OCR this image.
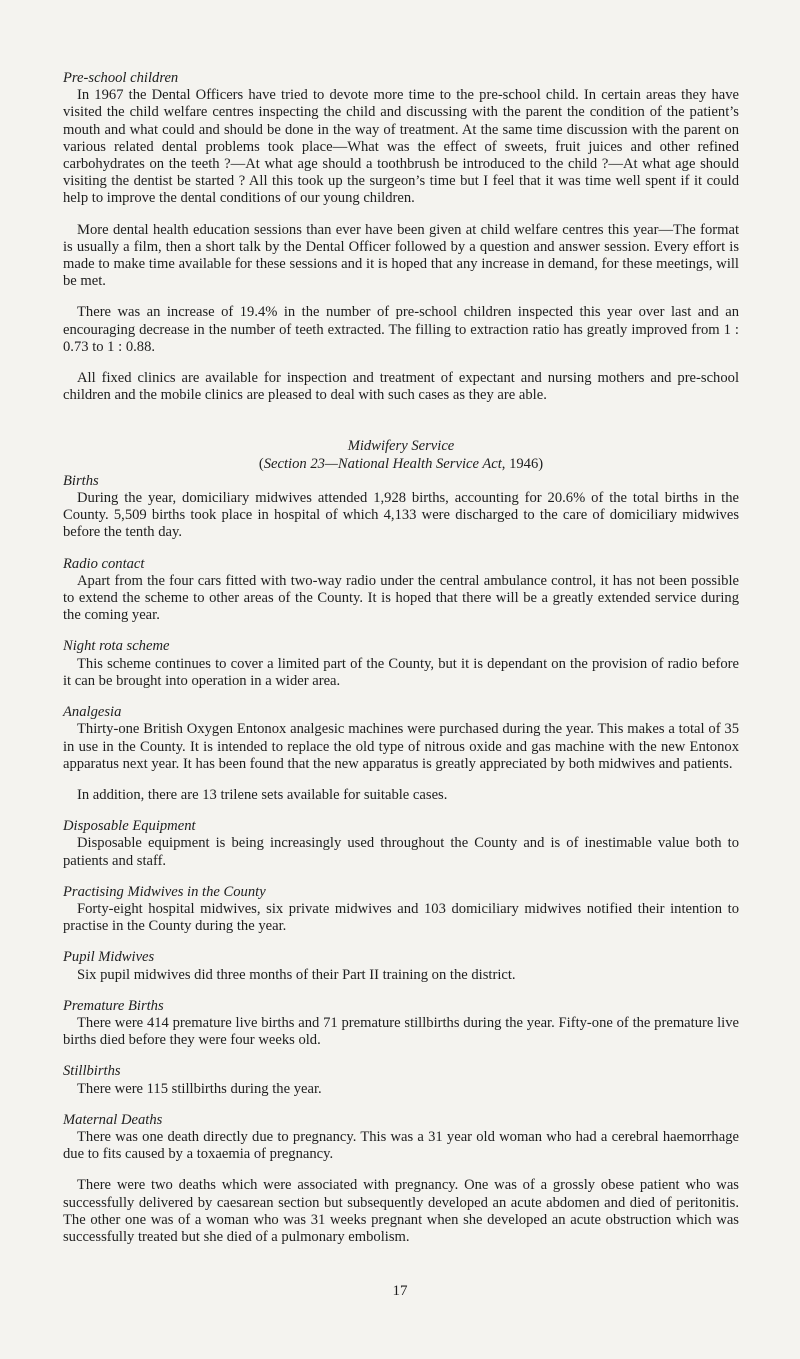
Pre-school children

In 1967 the Dental Officers have tried to devote more time to the pre-school child. In certain areas they have visited the child welfare centres inspecting the child and discussing with the parent the condition of the patient’s mouth and what could and should be done in the way of treatment. At the same time discussion with the parent on various related dental problems took place—What was the effect of sweets, fruit juices and other refined carbohydrates on the teeth ?—At what age should a toothbrush be introduced to the child ?—At what age should visiting the dentist be started ? All this took up the surgeon’s time but I feel that it was time well spent if it could help to improve the dental conditions of our young children.

More dental health education sessions than ever have been given at child welfare centres this year—The format is usually a film, then a short talk by the Dental Officer followed by a question and answer session. Every effort is made to make time available for these sessions and it is hoped that any increase in demand, for these meetings, will be met.

There was an increase of 19.4% in the number of pre-school children inspected this year over last and an encouraging decrease in the number of teeth extracted. The filling to extraction ratio has greatly improved from 1 : 0.73 to 1 : 0.88.

All fixed clinics are available for inspection and treatment of expectant and nursing mothers and pre-school children and the mobile clinics are pleased to deal with such cases as they are able.

Midwifery Service

(Section 23—National Health Service Act, 1946)

Births

During the year, domiciliary midwives attended 1,928 births, accounting for 20.6% of the total births in the County. 5,509 births took place in hospital of which 4,133 were discharged to the care of domiciliary midwives before the tenth day.

Radio contact

Apart from the four cars fitted with two-way radio under the central ambulance control, it has not been possible to extend the scheme to other areas of the County. It is hoped that there will be a greatly extended service during the coming year.

Night rota scheme

This scheme continues to cover a limited part of the County, but it is dependant on the provision of radio before it can be brought into operation in a wider area.

Analgesia

Thirty-one British Oxygen Entonox analgesic machines were purchased during the year. This makes a total of 35 in use in the County. It is intended to replace the old type of nitrous oxide and gas machine with the new Entonox apparatus next year. It has been found that the new apparatus is greatly appreciated by both midwives and patients.

In addition, there are 13 trilene sets available for suitable cases.

Disposable Equipment

Disposable equipment is being increasingly used throughout the County and is of inestimable value both to patients and staff.

Practising Midwives in the County

Forty-eight hospital midwives, six private midwives and 103 domiciliary midwives notified their intention to practise in the County during the year.

Pupil Midwives

Six pupil midwives did three months of their Part II training on the district.

Premature Births

There were 414 premature live births and 71 premature stillbirths during the year. Fifty-one of the premature live births died before they were four weeks old.

Stillbirths

There were 115 stillbirths during the year.

Maternal Deaths

There was one death directly due to pregnancy. This was a 31 year old woman who had a cerebral haemorrhage due to fits caused by a toxaemia of pregnancy.

There were two deaths which were associated with pregnancy. One was of a grossly obese patient who was successfully delivered by caesarean section but subsequently developed an acute abdomen and died of peritonitis. The other one was of a woman who was 31 weeks pregnant when she developed an acute obstruction which was successfully treated but she died of a pulmonary embolism.

17
